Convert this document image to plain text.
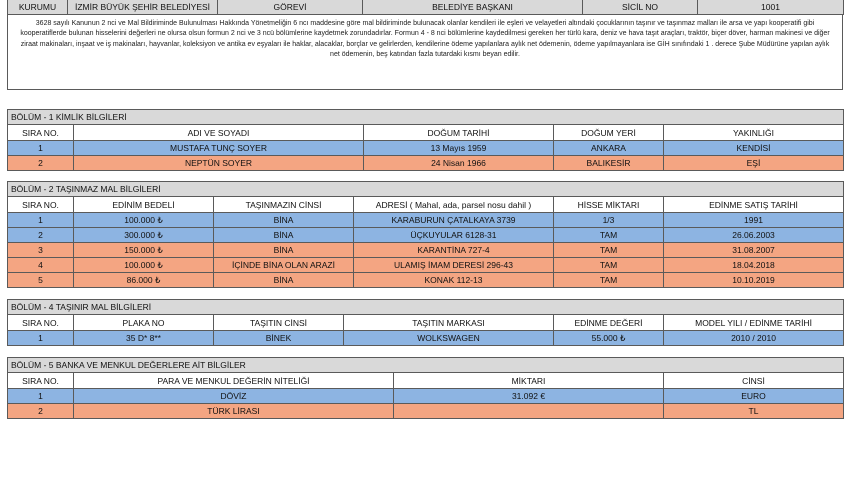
KURUMU	İZMİR BÜYÜK ŞEHİR BELEDİYESİ	GÖREVİ	BELEDİYE BAŞKANI	SİCİL NO	1001
3628 sayılı Kanunun 2 nci ve Mal Bildiriminde Bulunulması Hakkında Yönetmeliğin 6 ncı maddesine göre mal bildiriminde bulunacak olanlar kendileri ile eşleri ve velayetleri altındaki çocuklarının taşınır ve taşınmaz malları ile arsa ve yapı kooperatifi gibi kooperatiflerde bulunan hisselerini değerleri ne olursa olsun formun 2 nci ve 3 ncü bölümlerine kaydetmek zorundadırlar. Formun 4 - 8 nci bölümlerine kaydedilmesi gereken her türlü kara, deniz ve hava taşıt araçları, traktör, biçer döver, harman makinesi ve diğer ziraat makinaları, inşaat ve iş makinaları, hayvanlar, koleksiyon ve antika ev eşyaları ile haklar, alacaklar, borçlar ve gelirlerden, kendilerine ödeme yapılanlara aylık net ödemenin, ödeme yapılmayanlara ise GİH sınıfındaki 1 . derece Şube Müdürüne yapılan aylık net ödemenin, beş katından fazla tutardaki kısmı beyan edilir.
BÖLÜM - 1 KİMLİK BİLGİLERİ				
SIRA NO.	ADI VE SOYADI	DOĞUM TARİHİ	DOĞUM YERİ	YAKINLIĞI
1	MUSTAFA TUNÇ SOYER	13 Mayıs 1959	ANKARA	KENDİSİ
2	NEPTÜN SOYER	24 Nisan 1966	BALIKESİR	EŞİ
BÖLÜM - 2 TAŞINMAZ MAL BİLGİLERİ					
SIRA NO.	EDİNİM BEDELİ	TAŞINMAZIN CİNSİ	ADRESİ ( Mahal, ada, parsel nosu dahil )	HİSSE MİKTARI	EDİNME SATIŞ TARİHİ
1	100.000 ₺	BİNA	KARABURUN ÇATALKAYA 3739	1/3	1991
2	300.000 ₺	BİNA	ÜÇKUYULAR 6128-31	TAM	26.06.2003
3	150.000 ₺	BİNA	KARANTİNA 727-4	TAM	31.08.2007
4	100.000 ₺	İÇİNDE BİNA OLAN ARAZİ	ULAMIŞ İMAM DERESİ 296-43	TAM	18.04.2018
5	86.000 ₺	BİNA	KONAK 112-13	TAM	10.10.2019
BÖLÜM - 4 TAŞINIR MAL BİLGİLERİ					
SIRA NO.	PLAKA NO	TAŞITIN CİNSİ	TAŞITIN MARKASI	EDİNME DEĞERİ	MODEL YILI / EDİNME TARİHİ
1	35 D* 8**	BİNEK	WOLKSWAGEN	55.000 ₺	2010 / 2010
BÖLÜM - 5 BANKA VE MENKUL DEĞERLERE AİT BİLGİLER			
SIRA NO.	PARA VE MENKUL DEĞERİN NİTELİĞİ	MİKTARI	CİNSİ
1	DÖVİZ	31.092 €	EURO
2	TÜRK LİRASI		TL
